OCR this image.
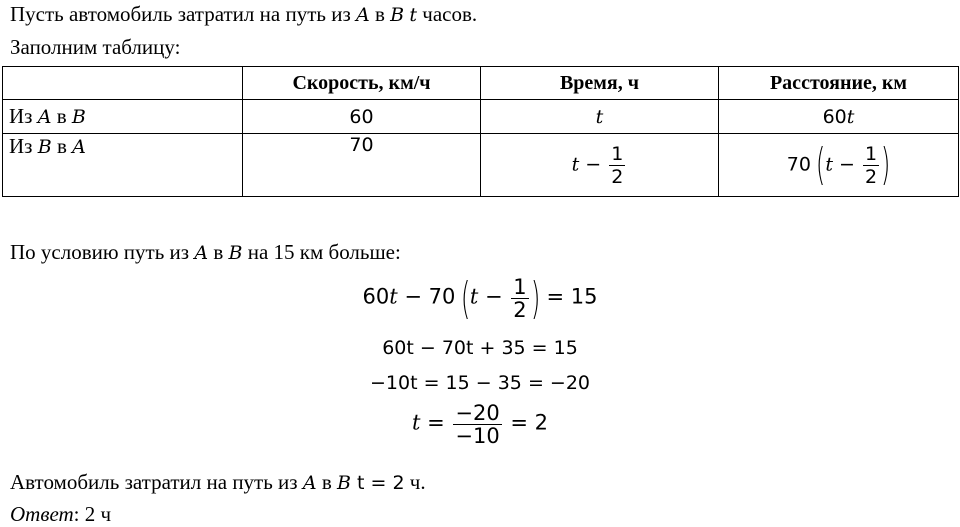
Пусть автомобиль затратил на путь из A в B t часов.
Заполним таблицу:
	Скорость, км/ч	Время, ч	Расстояние, км
Из A в B	60	t	60t
Из B в A	70	$t - \frac{1}{2}$	70 ($t - \frac{1}{2}$ )
По условию путь из A в B на 15 км больше:
60t − 70 ($t - \frac{1}{2}$ ) = 15
60t − 70t + 35 = 15
−10t = 15 − 35 = −20
$t = \frac{-20}{-10} = 2$
Автомобиль затратил на путь из A в B t = 2 ч.
Ответ: 2 ч
